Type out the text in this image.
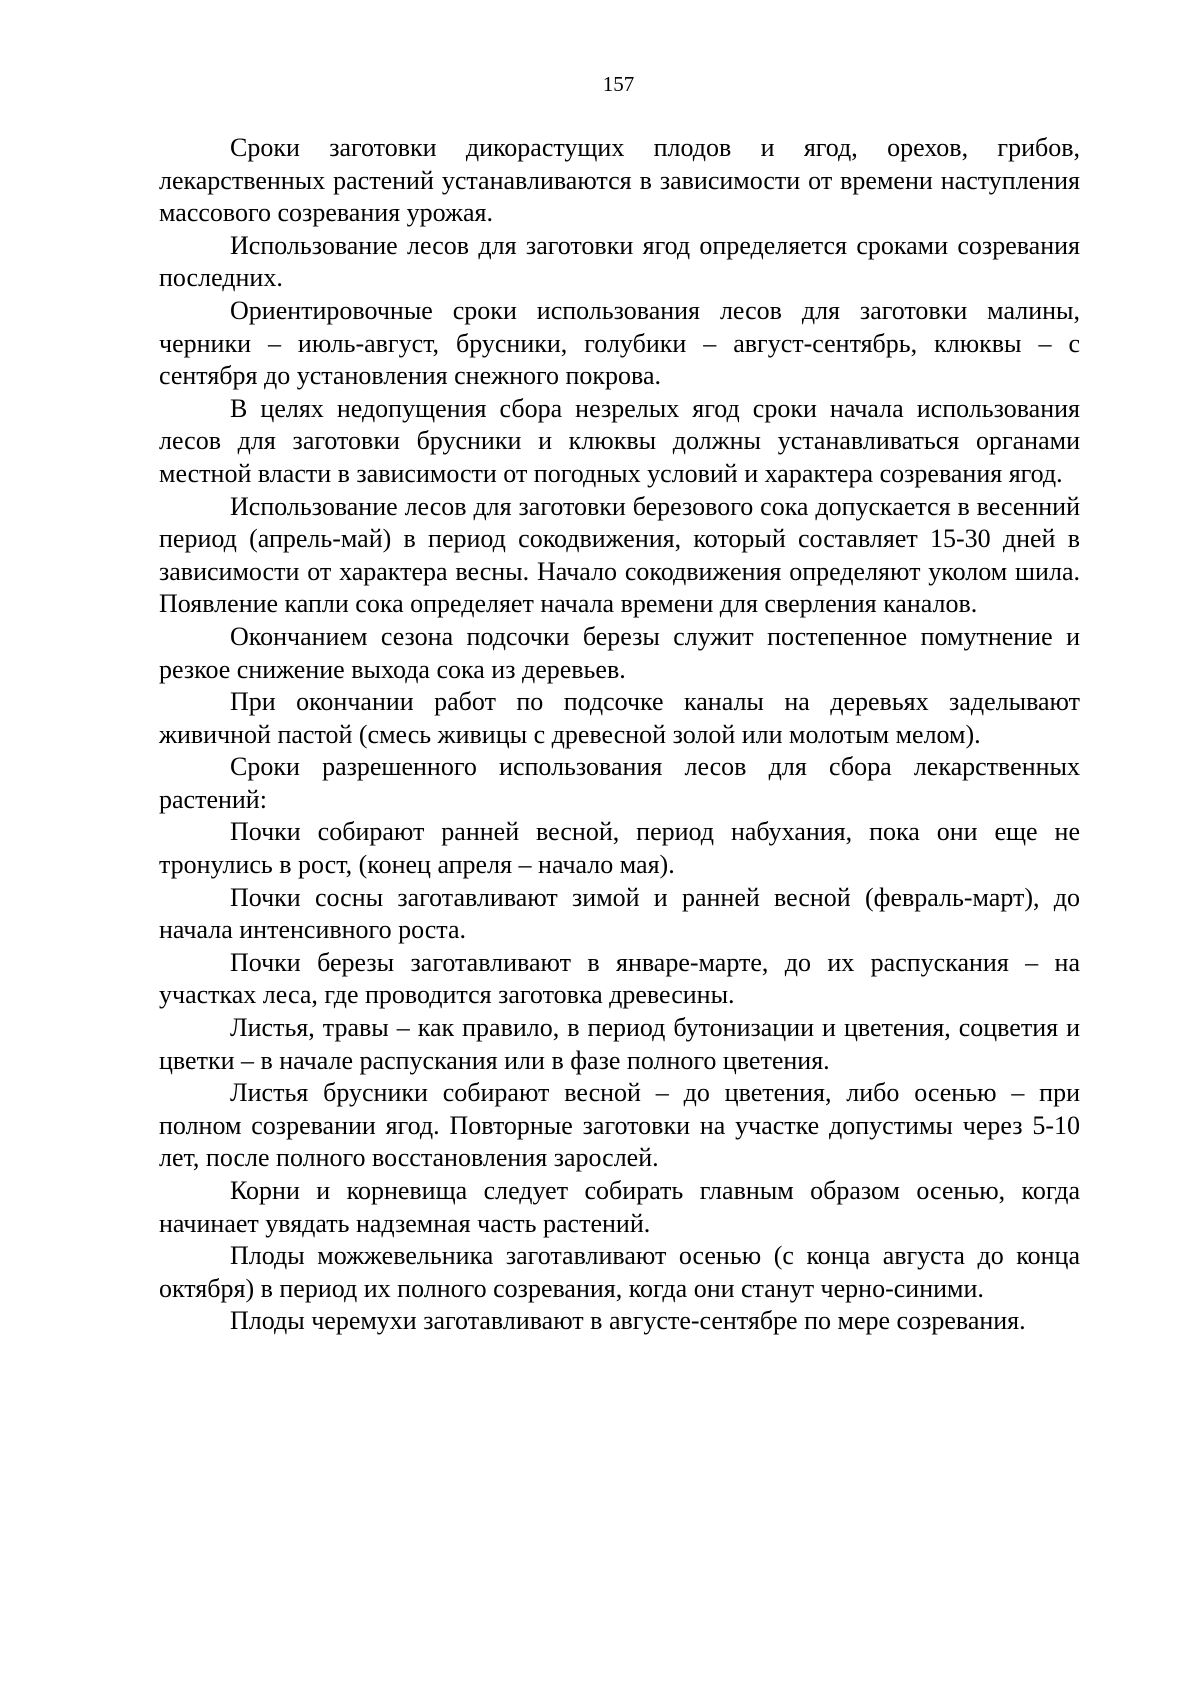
157

Сроки заготовки дикорастущих плодов и ягод, орехов, грибов, лекарственных растений устанавливаются в зависимости от времени наступления массового созревания урожая.

Использование лесов для заготовки ягод определяется сроками созревания последних.

Ориентировочные сроки использования лесов для заготовки малины, черники – июль-август, брусники, голубики – август-сентябрь, клюквы – с сентября до установления снежного покрова.

В целях недопущения сбора незрелых ягод сроки начала использования лесов для заготовки брусники и клюквы должны устанавливаться органами местной власти в зависимости от погодных условий и характера созревания ягод.

Использование лесов для заготовки березового сока допускается в весенний период (апрель-май) в период сокодвижения, который составляет 15-30 дней в зависимости от характера весны. Начало сокодвижения определяют уколом шила. Появление капли сока определяет начала времени для сверления каналов.

Окончанием сезона подсочки березы служит постепенное помутнение и резкое снижение выхода сока из деревьев.

При окончании работ по подсочке каналы на деревьях заделывают живичной пастой (смесь живицы с древесной золой или молотым мелом).

Сроки разрешенного использования лесов для сбора лекарственных растений:

Почки собирают ранней весной, период набухания, пока они еще не тронулись в рост, (конец апреля – начало мая).

Почки сосны заготавливают зимой и ранней весной (февраль-март), до начала интенсивного роста.

Почки березы заготавливают в январе-марте, до их распускания – на участках леса, где проводится заготовка древесины.

Листья, травы – как правило, в период бутонизации и цветения, соцветия и цветки – в начале распускания или в фазе полного цветения.

Листья брусники собирают весной – до цветения, либо осенью – при полном созревании ягод. Повторные заготовки на участке допустимы через 5-10 лет, после полного восстановления зарослей.

Корни и корневища следует собирать главным образом осенью, когда начинает увядать надземная часть растений.

Плоды можжевельника заготавливают осенью (с конца августа до конца октября) в период их полного созревания, когда они станут черно-синими.

Плоды черемухи заготавливают в августе-сентябре по мере созревания.
